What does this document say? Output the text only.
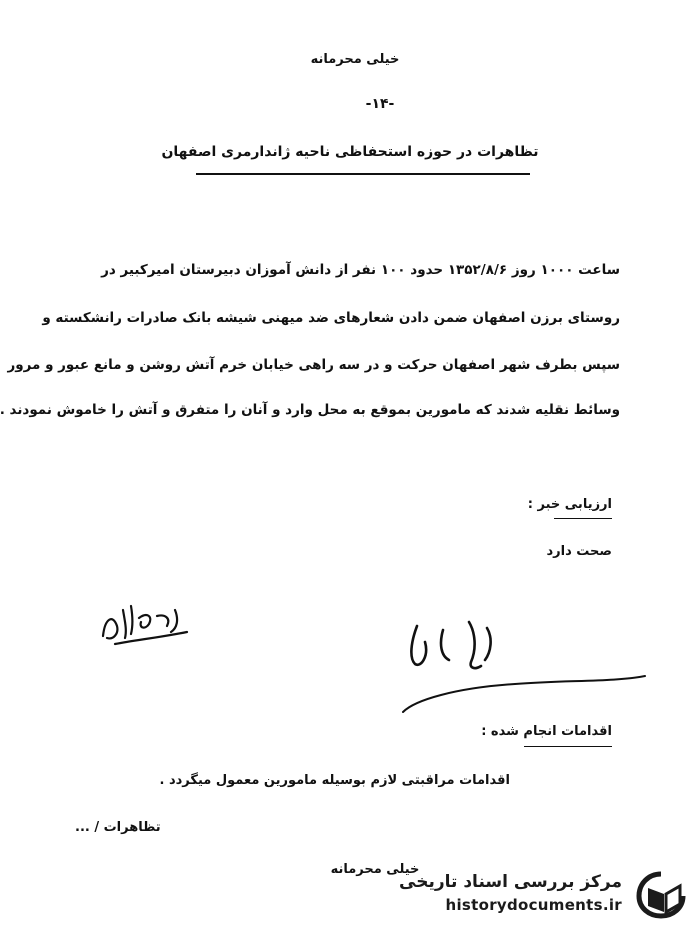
خیلی محرمانه
-۱۴-
تظاهرات در حوزه استحفاظی ناحیه ژاندارمری اصفهان
ساعت ۱۰۰۰ روز ۱۳۵۲/۸/۶ حدود ۱۰۰ نفر از دانش آموزان دبیرستان امیرکبیر در
روستای برزن اصفهان ضمن دادن شعارهای ضد میهنی شیشه بانک صادرات رانشکسته و
سپس بطرف شهر اصفهان حرکت و در سه راهی خیابان خرم آتش روشن و مانع عبور و مرور
وسائط نقلیه شدند که مامورین بموقع به محل وارد و آنان را متفرق و آتش را خاموش نمودند .
ارزیابی خبر :
صحت دارد
اقدامات انجام شده :
اقدامات مراقبتی لازم بوسیله مامورین معمول میگردد .
تظاهرات / ...
خیلی محرمانه
مرکز بررسی اسناد تاریخی
historydocuments.ir
